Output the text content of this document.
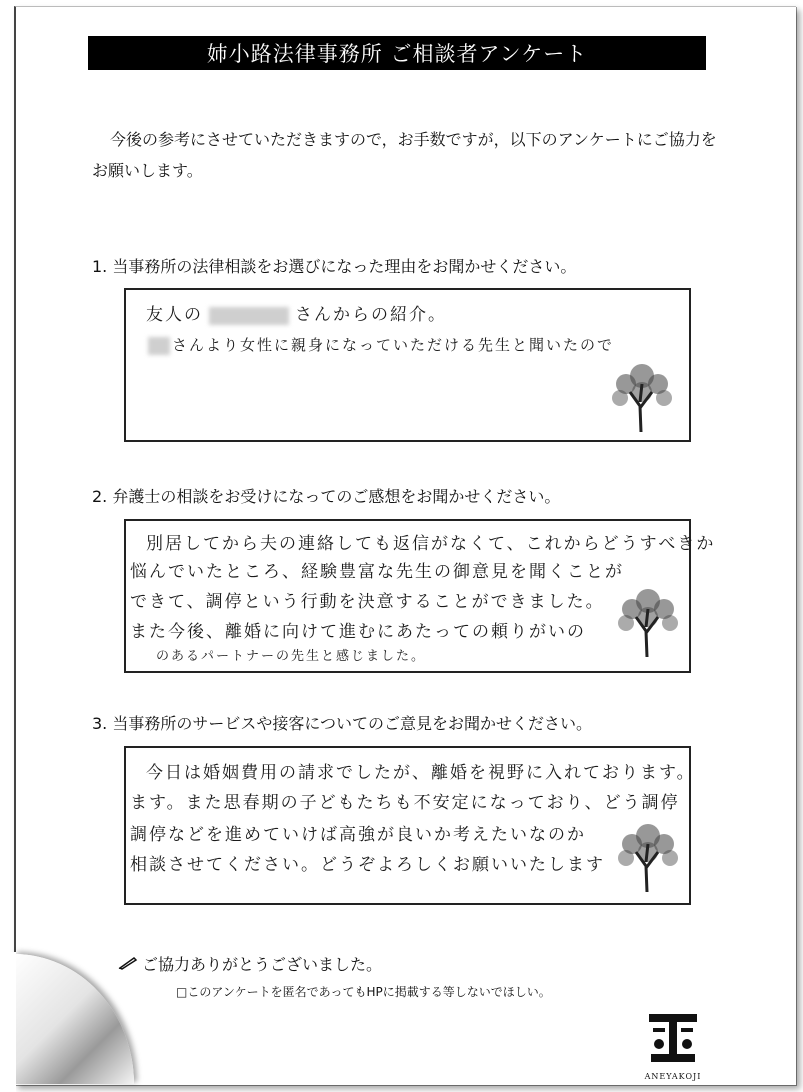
姉小路法律事務所 ご相談者アンケート
今後の参考にさせていただきますので，お手数ですが，以下のアンケートにご協力をお願いします。
1. 当事務所の法律相談をお選びになった理由をお聞かせください。
友人の	さんからの紹介。
さんより女性に親身になっていただける先生と聞いたので
2. 弁護士の相談をお受けになってのご感想をお聞かせください。
別居してから夫の連絡しても返信がなくて、これからどうすべきか
悩んでいたところ、経験豊富な先生の御意見を聞くことが
できて、調停という行動を決意することができました。
また今後、離婚に向けて進むにあたっての頼りがいの
のあるパートナーの先生と感じました。
3. 当事務所のサービスや接客についてのご意見をお聞かせください。
今日は婚姻費用の請求でしたが、離婚を視野に入れております。
ます。また思春期の子どもたちも不安定になっており、どう調停
調停などを進めていけば高強が良いか考えたいなのか
相談させてください。どうぞよろしくお願いいたします
ご協力ありがとうございました。
□このアンケートを匿名であってもHPに掲載する等しないでほしい。
ANEYAKOJI
